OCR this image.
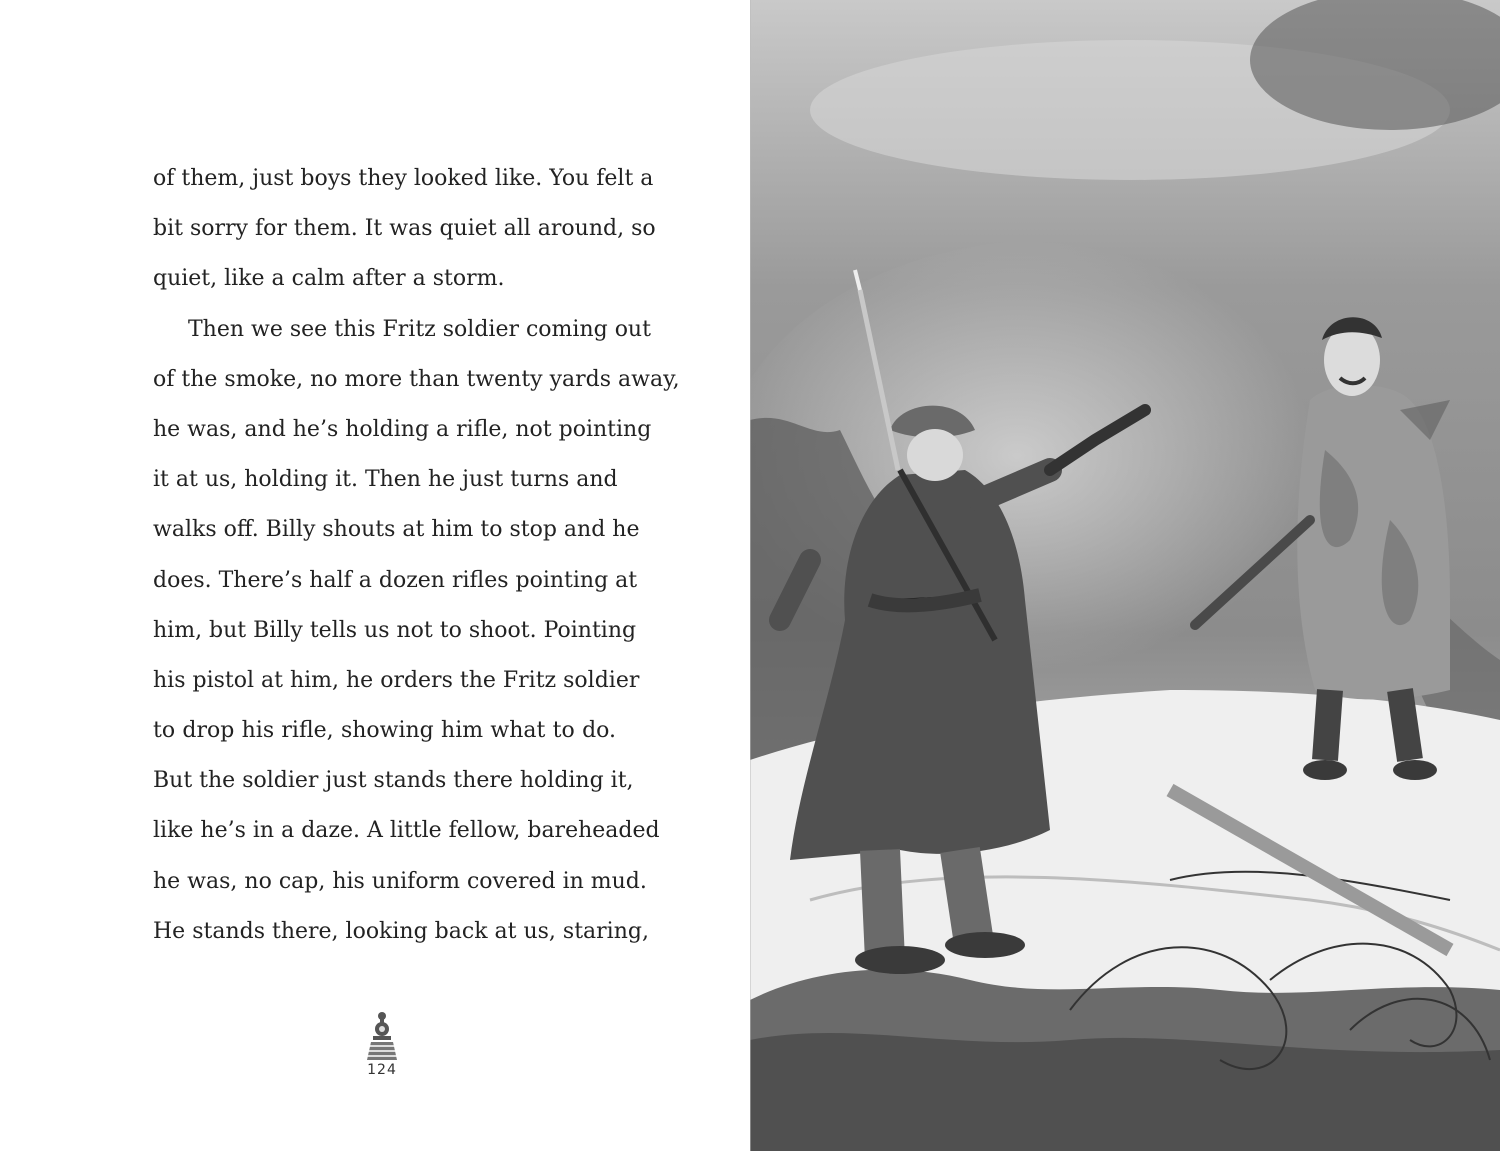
of them, just boys they looked like. You felt a
bit sorry for them. It was quiet all around, so
quiet, like a calm after a storm.
Then we see this Fritz soldier coming out
of the smoke, no more than twenty yards away,
he was, and he’s holding a rifle, not pointing
it at us, holding it. Then he just turns and
walks off. Billy shouts at him to stop and he
does. There’s half a dozen rifles pointing at
him, but Billy tells us not to shoot. Pointing
his pistol at him, he orders the Fritz soldier
to drop his rifle, showing him what to do.
But the soldier just stands there holding it,
like he’s in a daze. A little fellow, bareheaded
he was, no cap, his uniform covered in mud.
He stands there, looking back at us, staring,
124
